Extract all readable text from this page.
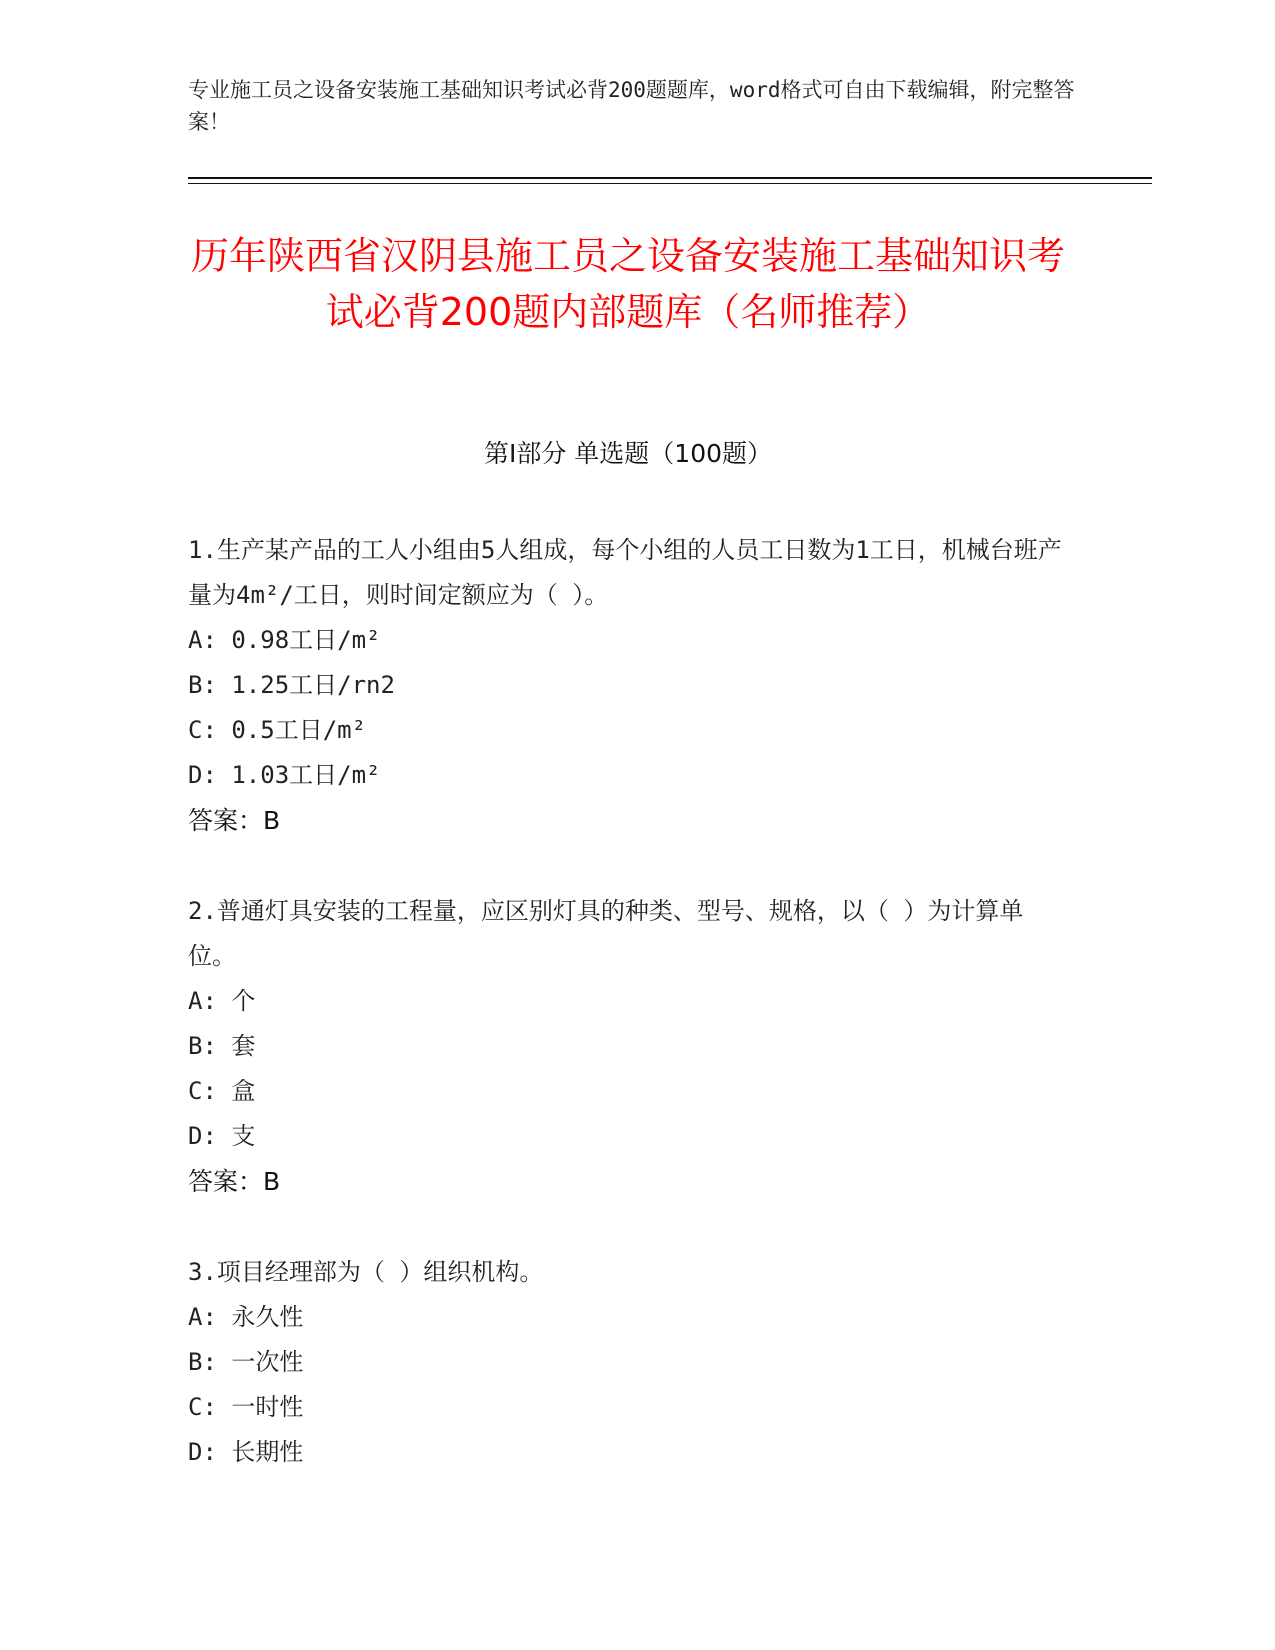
专业施工员之设备安装施工基础知识考试必背200题题库，word格式可自由下载编辑，附完整答案！
历年陕西省汉阴县施工员之设备安装施工基础知识考试必背200题内部题库（名师推荐）
第Ⅰ部分 单选题（100题）
1.生产某产品的工人小组由5人组成，每个小组的人员工日数为1工日，机械台班产量为4m²/工日，则时间定额应为（ ）。
A: 0.98工日/m²
B: 1.25工日/rn2
C: 0.5工日/m²
D: 1.03工日/m²
答案：B
2.普通灯具安装的工程量，应区别灯具的种类、型号、规格，以（ ）为计算单位。
A: 个
B: 套
C: 盒
D: 支
答案：B
3.项目经理部为（ ）组织机构。
A: 永久性
B: 一次性
C: 一时性
D: 长期性
